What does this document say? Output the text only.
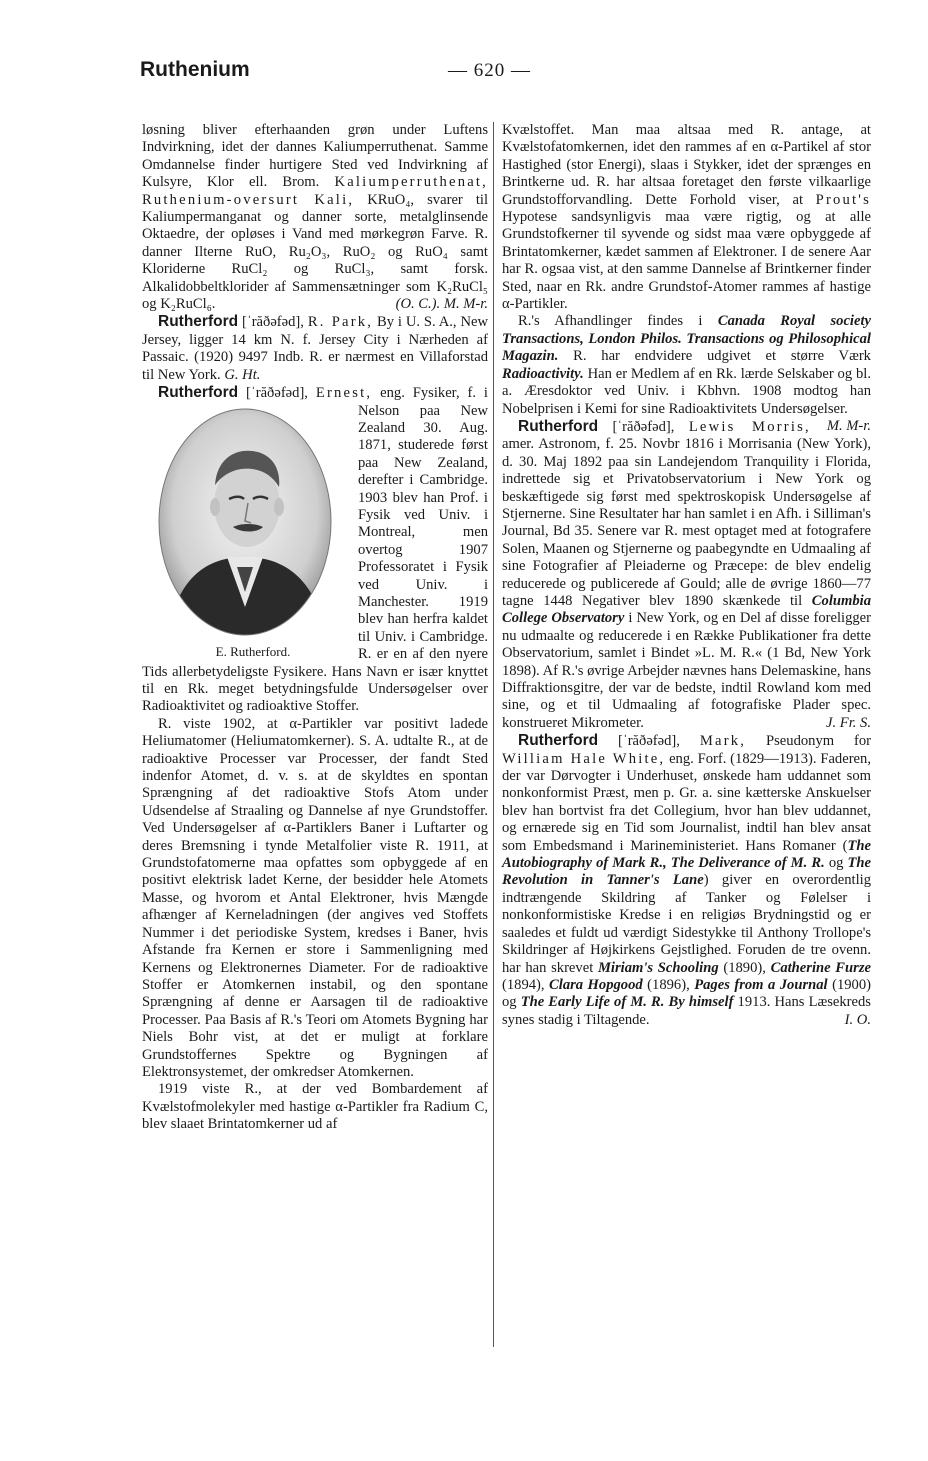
Ruthenium	— 620 —

løsning bliver efterhaanden grøn under Luftens Indvirkning, idet der dannes Kaliumperruthenat. Samme Omdannelse finder hurtigere Sted ved Indvirkning af Kulsyre, Klor ell. Brom. Kaliumperruthenat, Ruthenium-oversurt Kali, KRuO₄, svarer til Kaliumpermanganat og danner sorte, metalglinsende Oktaedre, der opløses i Vand med mørkegrøn Farve. R. danner Ilterne RuO, Ru₂O₃, RuO₂ og RuO₄ samt Kloriderne RuCl₂ og RuCl₃, samt forsk. Alkalidobbeltklorider af Sammensætninger som K₂RuCl₅ og K₂RuCl₆.	(O. C.). M. M-r.

Rutherford [ˈrăðəfəd], R. Park, By i U. S. A., New Jersey, ligger 14 km N. f. Jersey City i Nærheden af Passaic. (1920) 9497 Indb. R. er nærmest en Villaforstad til New York. G. Ht.

Rutherford [ˈrăðəfəd], Ernest,
E. Rutherford.
eng. Fysiker, f. i Nelson paa New Zealand 30. Aug. 1871, studerede først paa New Zealand, derefter i Cambridge. 1903 blev han Prof. i Fysik ved Univ. i Montreal, men overtog 1907 Professoratet i Fysik ved Univ. i Manchester. 1919 blev han herfra kaldet til Univ. i Cambridge. R. er en af den nyere Tids allerbetydeligste Fysikere. Hans Navn er især knyttet til en Rk. meget betydningsfulde Undersøgelser over Radioaktivitet og radioaktive Stoffer.

R. viste 1902, at α-Partikler var positivt ladede Heliumatomer (Heliumatomkerner). S. A. udtalte R., at de radioaktive Processer var Processer, der fandt Sted indenfor Atomet, d. v. s. at de skyldtes en spontan Sprængning af det radioaktive Stofs Atom under Udsendelse af Straaling og Dannelse af nye Grundstoffer. Ved Undersøgelser af α-Partiklers Baner i Luftarter og deres Bremsning i tynde Metalfolier viste R. 1911, at Grundstofatomerne maa opfattes som opbyggede af en positivt elektrisk ladet Kerne, der besidder hele Atomets Masse, og hvorom et Antal Elektroner, hvis Mængde afhænger af Kerneladningen (der angives ved Stoffets Nummer i det periodiske System, kredses i Baner, hvis Afstande fra Kernen er store i Sammenligning med Kernens og Elektronernes Diameter. For de radioaktive Stoffer er Atomkernen instabil, og den spontane Sprængning af denne er Aarsagen til de radioaktive Processer. Paa Basis af R.'s Teori om Atomets Bygning har Niels Bohr vist, at det er muligt at forklare Grundstoffernes Spektre og Bygningen af Elektronsystemet, der omkredser Atomkernen.

1919 viste R., at der ved Bombardement af Kvælstofmolekyler med hastige α-Partikler fra Radium C, blev slaaet Brintatomkerner ud af

Kvælstoffet. Man maa altsaa med R. antage, at Kvælstofatomkernen, idet den rammes af en α-Partikel af stor Hastighed (stor Energi), slaas i Stykker, idet der sprænges en Brintkerne ud. R. har altsaa foretaget den første vilkaarlige Grundstofforvandling. Dette Forhold viser, at Prout's Hypotese sandsynligvis maa være rigtig, og at alle Grundstofkerner til syvende og sidst maa være opbyggede af Brintatomkerner, kædet sammen af Elektroner. I de senere Aar har R. ogsaa vist, at den samme Dannelse af Brintkerner finder Sted, naar en Rk. andre Grundstof-Atomer rammes af hastige α-Partikler.

R.'s Afhandlinger findes i Canada Royal society Transactions, London Philos. Transactions og Philosophical Magazin. R. har endvidere udgivet et større Værk Radioactivity. Han er Medlem af en Rk. lærde Selskaber og bl. a. Æresdoktor ved Univ. i Kbhvn. 1908 modtog han Nobelprisen i Kemi for sine Radioaktivitets Undersøgelser.
M. M-r.

Rutherford [ˈrăðəfəd], Lewis Morris, amer. Astronom, f. 25. Novbr 1816 i Morrisania (New York), d. 30. Maj 1892 paa sin Landejendom Tranquility i Florida, indrettede sig et Privatobservatorium i New York og beskæftigede sig først med spektroskopisk Undersøgelse af Stjernerne. Sine Resultater har han samlet i en Afh. i Silliman's Journal, Bd 35. Senere var R. mest optaget med at fotografere Solen, Maanen og Stjernerne og paabegyndte en Udmaaling af sine Fotografier af Pleiaderne og Præcepe: de blev endelig reducerede og publicerede af Gould; alle de øvrige 1860—77 tagne 1448 Negativer blev 1890 skænkede til Columbia College Observatory i New York, og en Del af disse foreligger nu udmaalte og reducerede i en Række Publikationer fra dette Observatorium, samlet i Bindet »L. M. R.« (1 Bd, New York 1898). Af R.'s øvrige Arbejder nævnes hans Delemaskine, hans Diffraktionsgitre, der var de bedste, indtil Rowland kom med sine, og et til Udmaaling af fotografiske Plader spec. konstrueret Mikrometer.	J. Fr. S.

Rutherford [ˈrăðəfəd], Mark, Pseudonym for William Hale White, eng. Forf. (1829—1913). Faderen, der var Dørvogter i Underhuset, ønskede ham uddannet som nonkonformist Præst, men p. Gr. a. sine kætterske Anskuelser blev han bortvist fra det Collegium, hvor han blev uddannet, og ernærede sig en Tid som Journalist, indtil han blev ansat som Embedsmand i Marineministeriet. Hans Romaner (The Autobiography of Mark R., The Deliverance of M. R. og The Revolution in Tanner's Lane) giver en overordentlig indtrængende Skildring af Tanker og Følelser i nonkonformistiske Kredse i en religiøs Brydningstid og er saaledes et fuldt ud værdigt Sidestykke til Anthony Trollope's Skildringer af Højkirkens Gejstlighed. Foruden de tre ovenn. har han skrevet Miriam's Schooling (1890), Catherine Furze (1894), Clara Hopgood (1896), Pages from a Journal (1900) og The Early Life of M. R. By himself 1913. Hans Læsekreds synes stadig i Tiltagende.	I. O.
